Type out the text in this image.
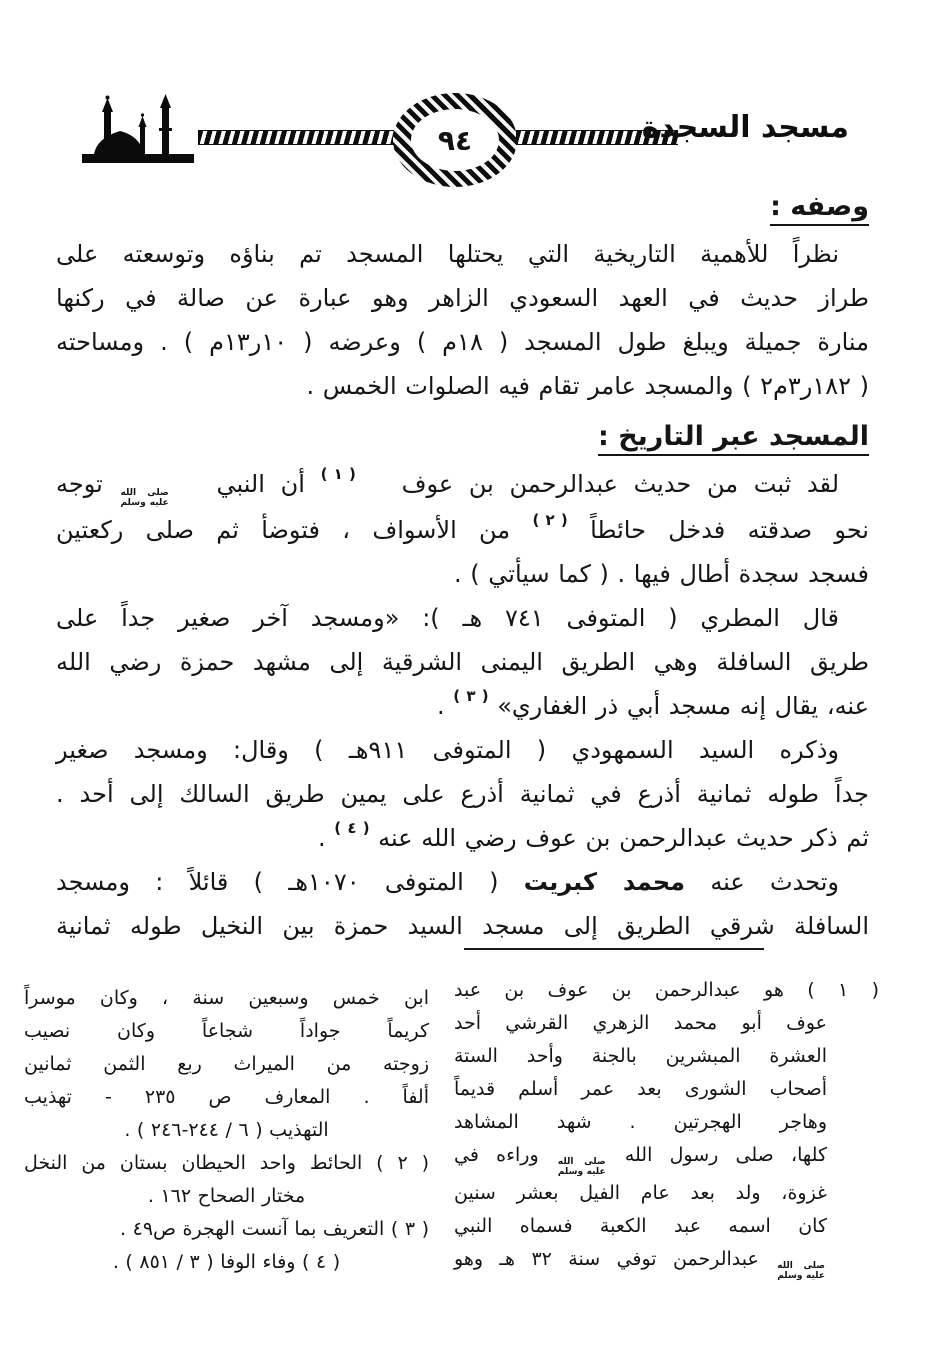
٩٤	مسجد السجدة
وصفه :
نظراً للأهمية التاريخية التي يحتلها المسجد تم بناؤه وتوسعته على
طراز حديث في العهد السعودي الزاهر وهو عبارة عن صالة في ركنها
منارة جميلة ويبلغ طول المسجد ( ١٨م ) وعرضه ( ١٠ر١٣م ) . ومساحته
( ١٨٢ر٣م٢ ) والمسجد عامر تقام فيه الصلوات الخمس .
المسجد عبر التاريخ :
لقد ثبت من حديث عبدالرحمن بن عوف ( ١ ) أن النبي
صلى الله
عليه وسلم
توجه
نحو صدقته فدخل حائطاً ( ٢ ) من الأسواف ، فتوضأ ثم صلى ركعتين
فسجد سجدة أطال فيها . ( كما سيأتي ) .
قال المطري ( المتوفى ٧٤١ هـ ): «ومسجد آخر صغير جداً على
طريق السافلة وهي الطريق اليمنى الشرقية إلى مشهد حمزة رضي الله
عنه، يقال إنه مسجد أبي ذر الغفاري» ( ٣ ) .
وذكره السيد السمهودي ( المتوفى ٩١١هـ ) وقال: ومسجد صغير
جداً طوله ثمانية أذرع في ثمانية أذرع على يمين طريق السالك إلى أحد .
ثم ذكر حديث عبدالرحمن بن عوف رضي الله عنه ( ٤ ) .
وتحدث عنه محمد كبريت ( المتوفى ١٠٧٠هـ ) قائلاً : ومسجد
السافلة شرقي الطريق إلى مسجد السيد حمزة بين النخيل طوله ثمانية
( ١ ) هو عبدالرحمن بن عوف بن عبد
عوف أبو محمد الزهري القرشي أحد
العشرة المبشرين بالجنة وأحد الستة
أصحاب الشورى بعد عمر أسلم قديماً
وهاجر الهجرتين . شهد المشاهد
كلها، صلى رسول الله
صلى الله
عليه وسلم
وراءه في
غزوة، ولد بعد عام الفيل بعشر سنين
كان اسمه عبد الكعبة فسماه النبي
صلى الله
عليه وسلم
عبدالرحمن توفي سنة ٣٢ هـ وهو
ابن خمس وسبعين سنة ، وكان موسراً
كريماً جواداً شجاعاً وكان نصيب
زوجته من الميراث ربع الثمن ثمانين
ألفاً . المعارف ص ٢٣٥ - تهذيب
التهذيب ( ٦ / ٢٤٤-٢٤٦ ) .
( ٢ ) الحائط واحد الحيطان بستان من النخل
مختار الصحاح ١٦٢ .
( ٣ ) التعريف بما آنست الهجرة ص٤٩ .
( ٤ ) وفاء الوفا ( ٣ / ٨٥١ ) .
